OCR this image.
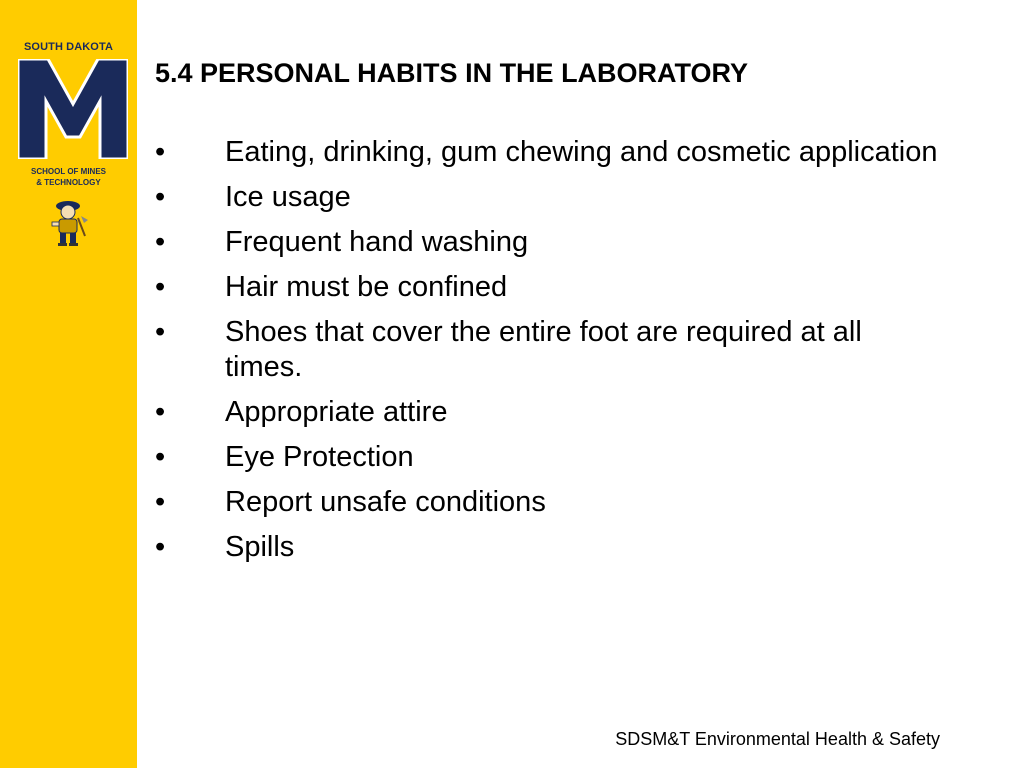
SOUTH DAKOTA
SCHOOL OF MINES
& TECHNOLOGY
5.4 PERSONAL HABITS IN THE LABORATORY
• Eating, drinking, gum chewing and cosmetic application
• Ice usage
• Frequent hand washing
• Hair must be confined
• Shoes that cover the entire foot are required at all times.
• Appropriate attire
• Eye Protection
• Report unsafe conditions
• Spills
SDSM&T Environmental Health & Safety
